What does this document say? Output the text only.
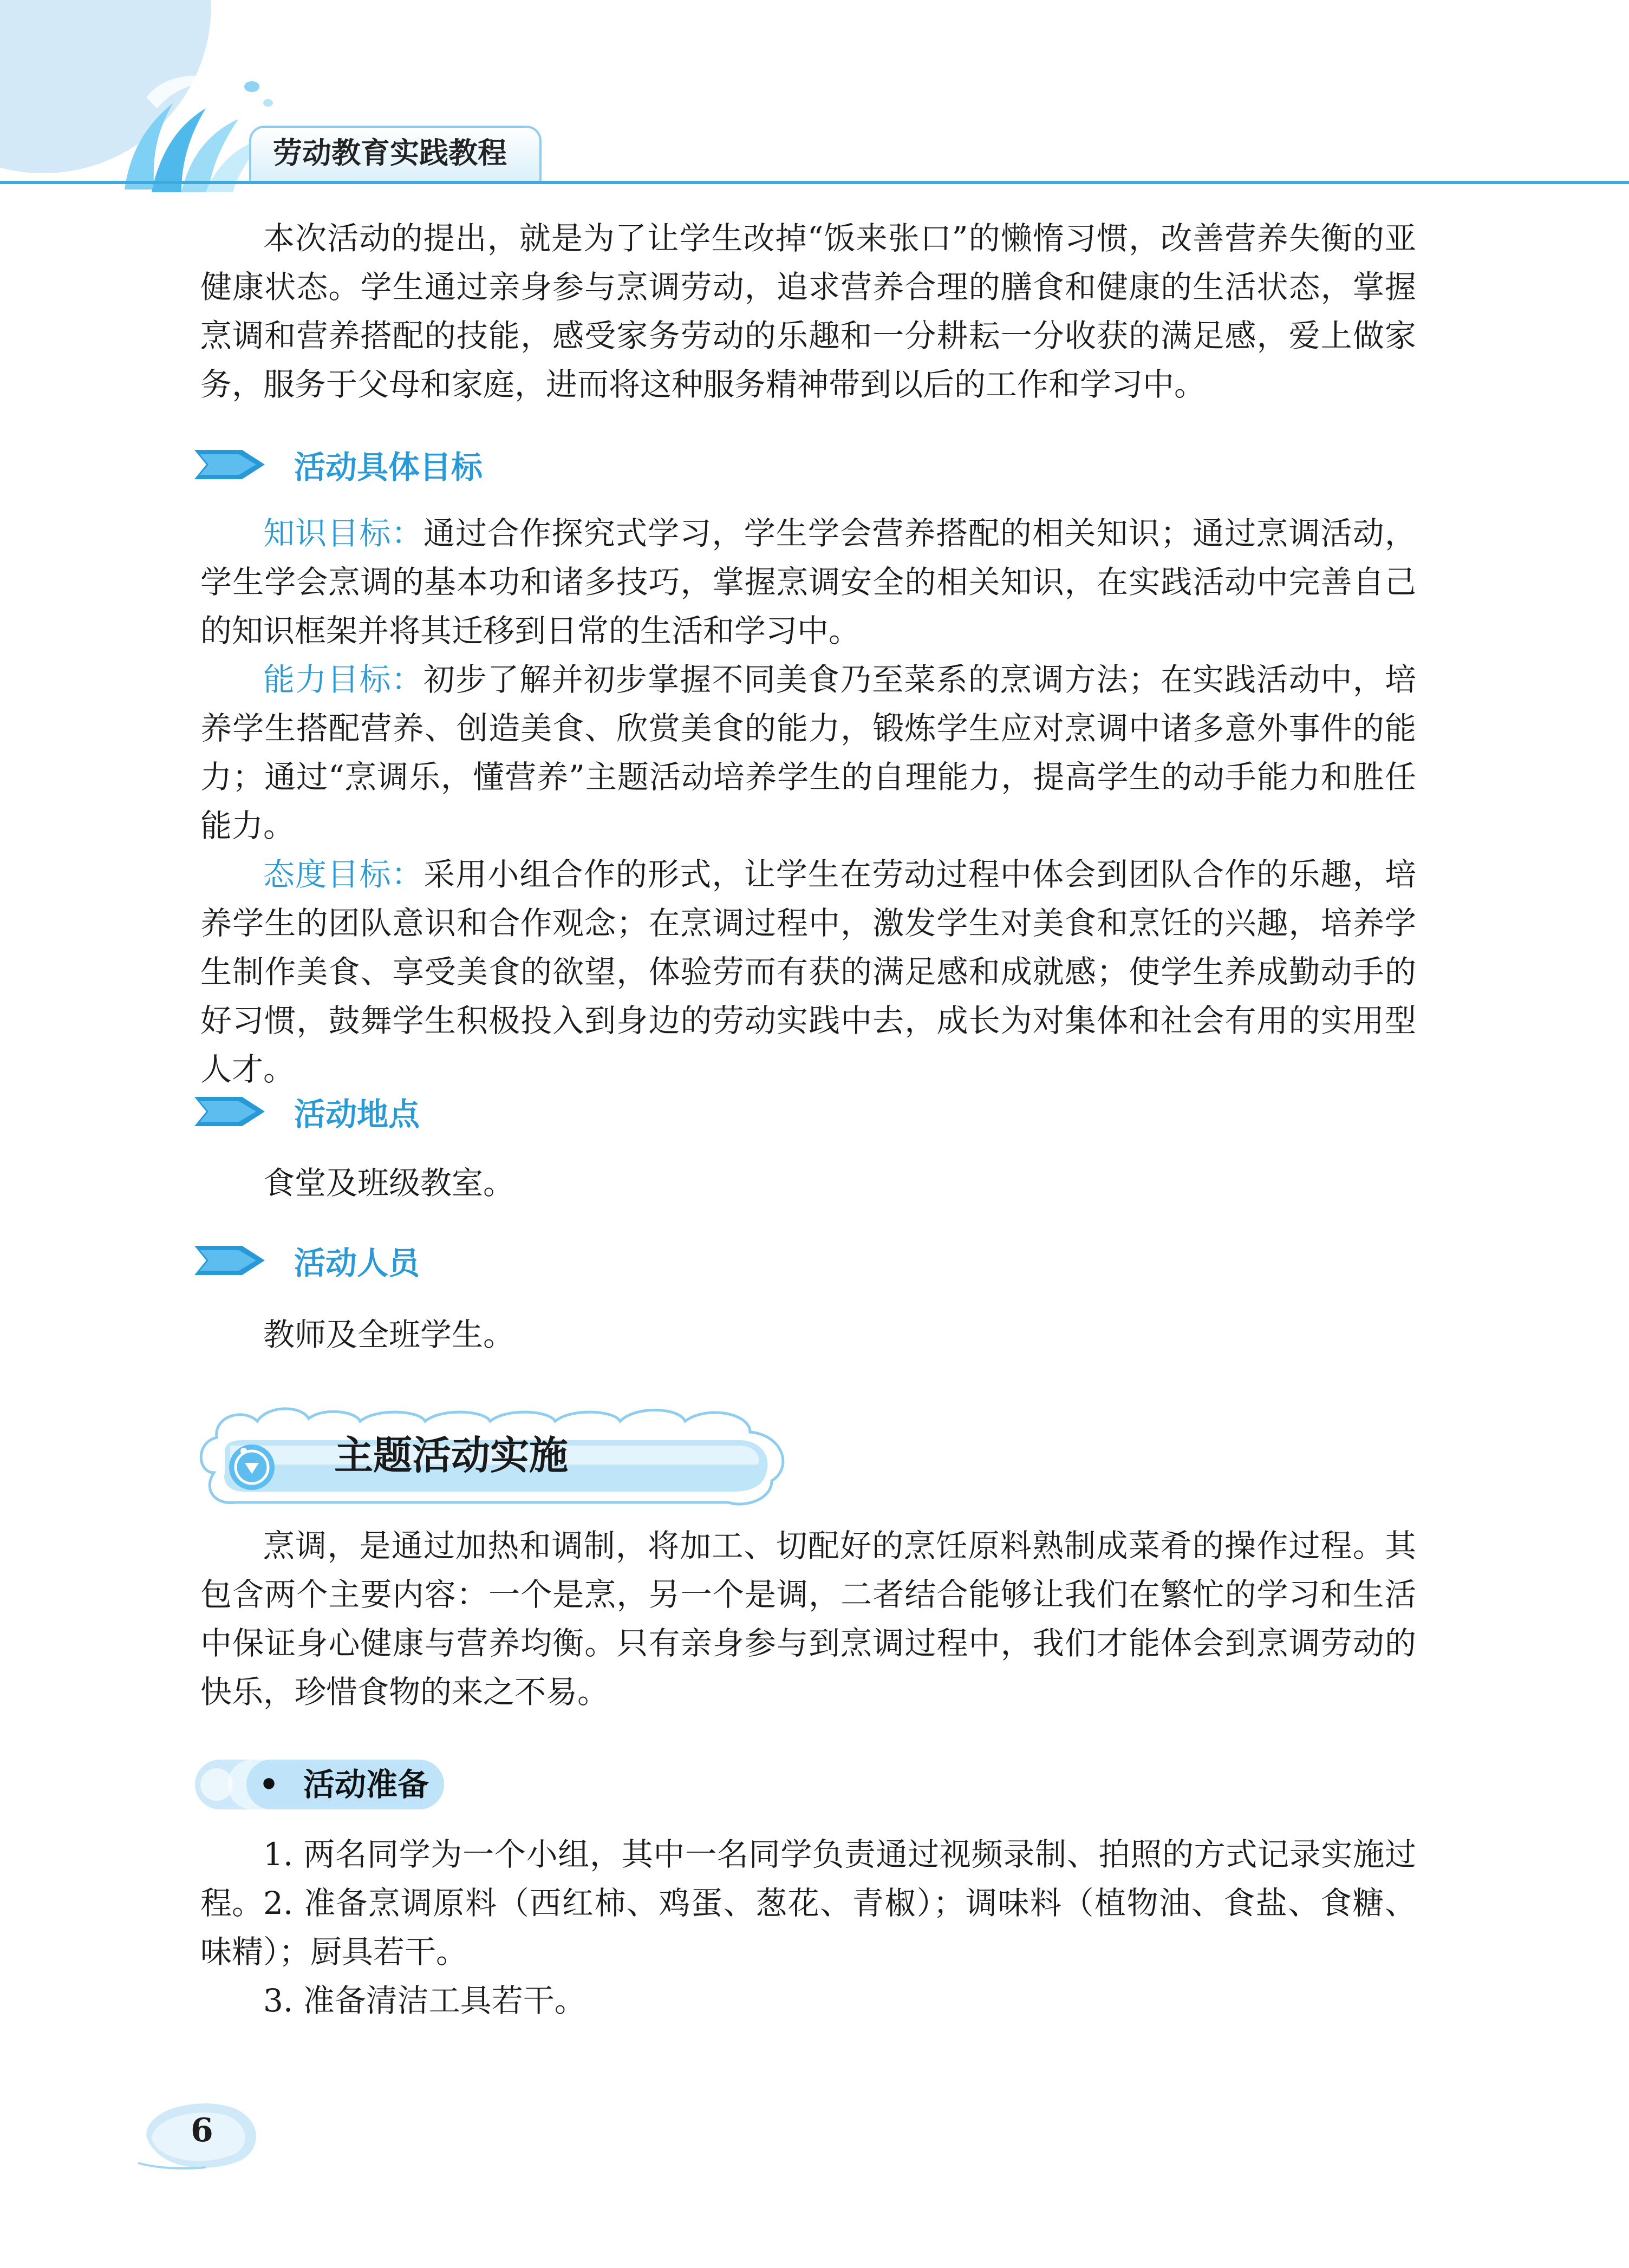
劳动教育实践教程

本次活动的提出，就是为了让学生改掉“饭来张口”的懒惰习惯，改善营养失衡的亚健康状态。学生通过亲身参与烹调劳动，追求营养合理的膳食和健康的生活状态，掌握烹调和营养搭配的技能，感受家务劳动的乐趣和一分耕耘一分收获的满足感，爱上做家务，服务于父母和家庭，进而将这种服务精神带到以后的工作和学习中。

活动具体目标

知识目标：通过合作探究式学习，学生学会营养搭配的相关知识；通过烹调活动，学生学会烹调的基本功和诸多技巧，掌握烹调安全的相关知识，在实践活动中完善自己的知识框架并将其迁移到日常的生活和学习中。

能力目标：初步了解并初步掌握不同美食乃至菜系的烹调方法；在实践活动中，培养学生搭配营养、创造美食、欣赏美食的能力，锻炼学生应对烹调中诸多意外事件的能力；通过“烹调乐，懂营养”主题活动培养学生的自理能力，提高学生的动手能力和胜任能力。

态度目标：采用小组合作的形式，让学生在劳动过程中体会到团队合作的乐趣，培养学生的团队意识和合作观念；在烹调过程中，激发学生对美食和烹饪的兴趣，培养学生制作美食、享受美食的欲望，体验劳而有获的满足感和成就感；使学生养成勤动手的好习惯，鼓舞学生积极投入到身边的劳动实践中去，成长为对集体和社会有用的实用型人才。

活动地点

食堂及班级教室。

活动人员

教师及全班学生。

主题活动实施

烹调，是通过加热和调制，将加工、切配好的烹饪原料熟制成菜肴的操作过程。其包含两个主要内容：一个是烹，另一个是调，二者结合能够让我们在繁忙的学习和生活中保证身心健康与营养均衡。只有亲身参与到烹调过程中，我们才能体会到烹调劳动的快乐，珍惜食物的来之不易。

• 活动准备

1. 两名同学为一个小组，其中一名同学负责通过视频录制、拍照的方式记录实施过程。 2. 准备烹调原料（西红柿、鸡蛋、葱花、青椒）；调味料（植物油、食盐、食糖、味精）；厨具若干。

3. 准备清洁工具若干。

6
